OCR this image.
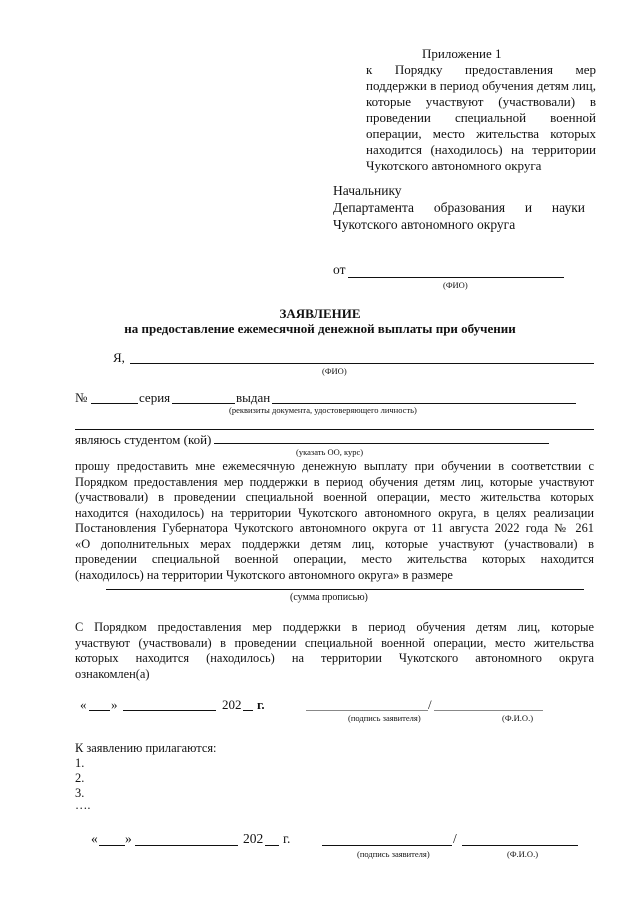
Приложение 1
к Порядку предоставления мер
поддержки в период обучения детям лиц,
которые участвуют (участвовали) в
проведении специальной военной
операции, место жительства которых
находится (находилось) на территории
Чукотского автономного округа
Начальнику
Департамента образования и науки
Чукотского автономного округа
от
(ФИО)
ЗАЯВЛЕНИЕ
на предоставление ежемесячной денежной выплаты при обучении
Я,
(ФИО)
№	серия	выдан
(реквизиты документа, удостоверяющего личность)
являюсь студентом (кой)
(указать ОО, курс)
прошу предоставить мне ежемесячную денежную выплату при обучении в соответствии с
Порядком предоставления мер поддержки в период обучения детям лиц, которые участвуют
(участвовали) в проведении специальной военной операции, место жительства которых
находится (находилось) на территории Чукотского автономного округа, в целях реализации
Постановления Губернатора Чукотского автономного округа от 11 августа 2022 года № 261
«О дополнительных мерах поддержки детям лиц, которые участвуют (участвовали) в
проведении специальной военной операции, место жительства которых находится
(находилось) на территории Чукотского автономного округа» в размере
(сумма прописью)
С Порядком предоставления мер поддержки в период обучения детям лиц, которые
участвуют (участвовали) в проведении специальной военной операции, место жительства
которых находится (находилось) на территории Чукотского автономного округа
ознакомлен(а)
« »	202 г.	/
(подпись заявителя)	(Ф.И.О.)
К заявлению прилагаются:
1.
2.
3.
….
« »	202 г.	/
(подпись заявителя)	(Ф.И.О.)
